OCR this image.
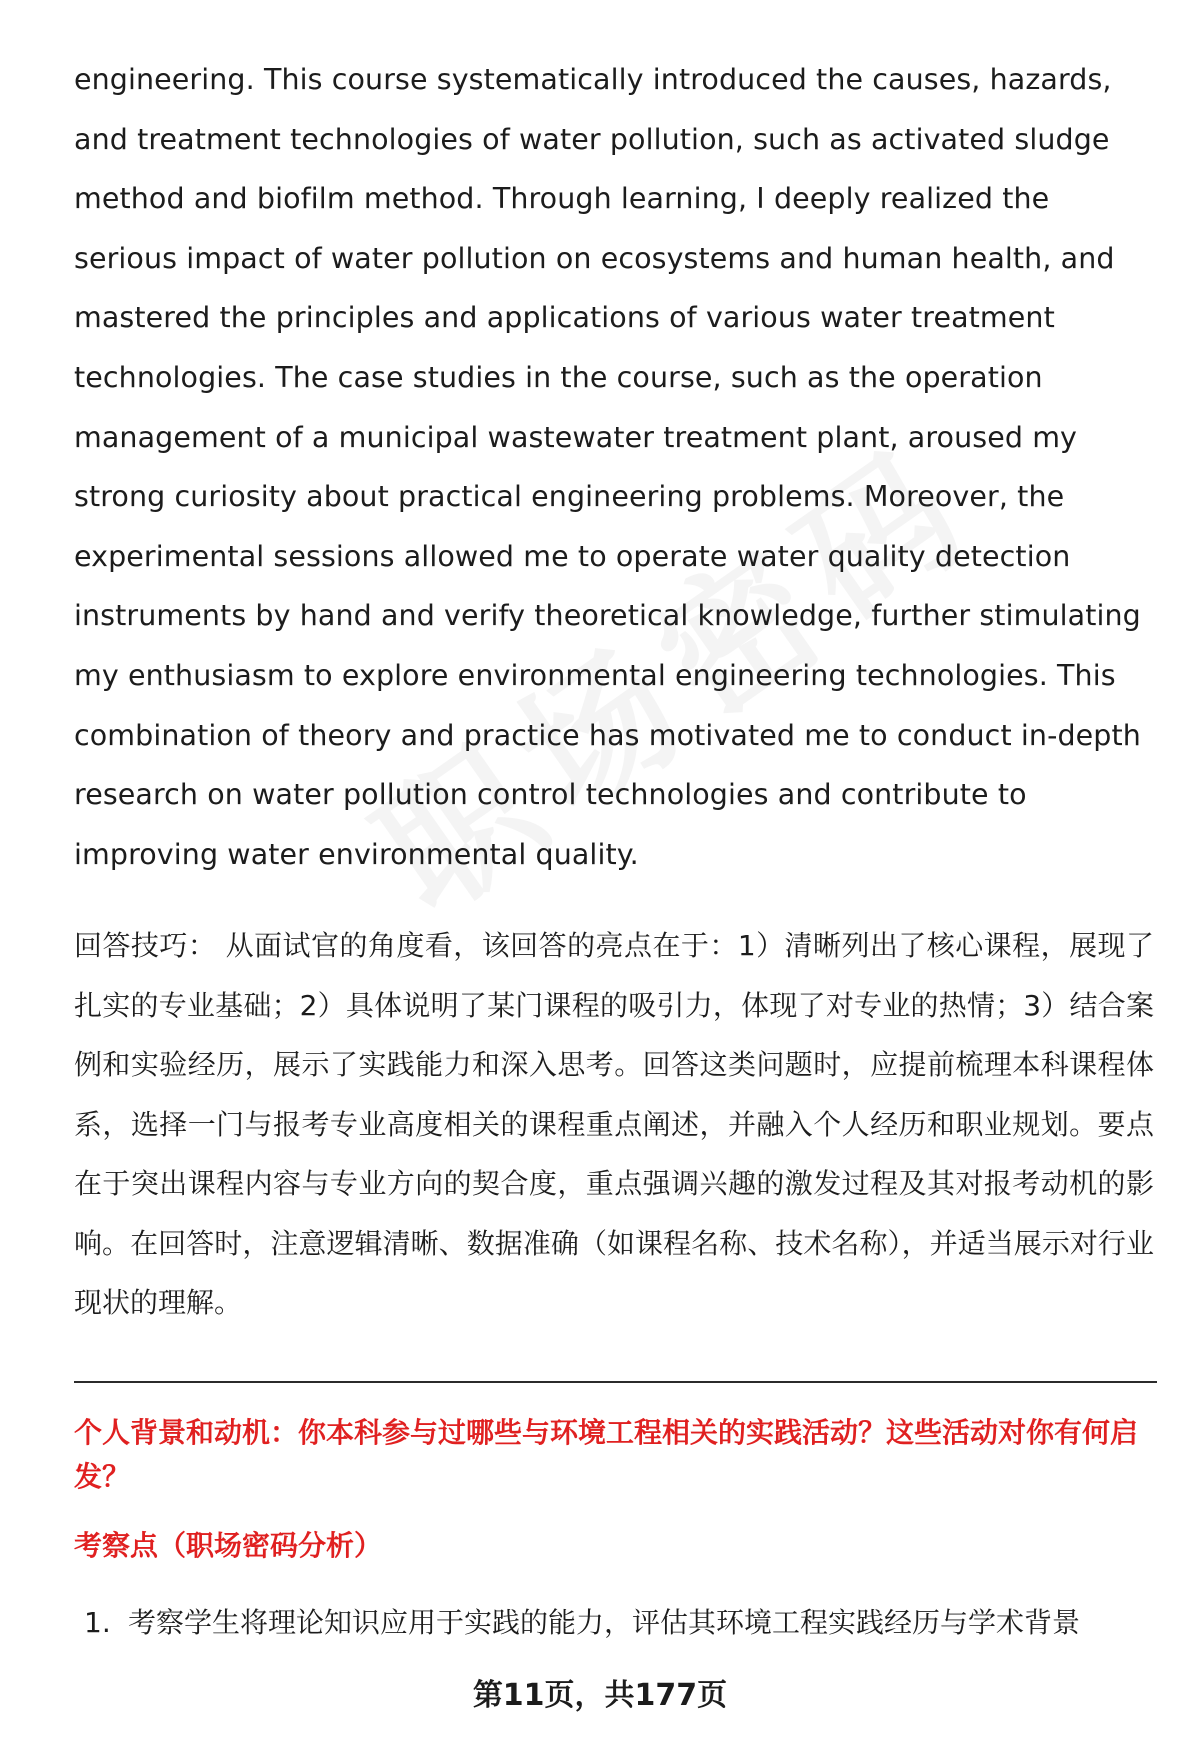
engineering. This course systematically introduced the causes, hazards, and treatment technologies of water pollution, such as activated sludge method and biofilm method. Through learning, I deeply realized the serious impact of water pollution on ecosystems and human health, and mastered the principles and applications of various water treatment technologies. The case studies in the course, such as the operation management of a municipal wastewater treatment plant, aroused my strong curiosity about practical engineering problems. Moreover, the experimental sessions allowed me to operate water quality detection instruments by hand and verify theoretical knowledge, further stimulating my enthusiasm to explore environmental engineering technologies. This combination of theory and practice has motivated me to conduct in-depth research on water pollution control technologies and contribute to improving water environmental quality.

回答技巧： 从面试官的角度看，该回答的亮点在于：1）清晰列出了核心课程，展现了扎实的专业基础；2）具体说明了某门课程的吸引力，体现了对专业的热情；3）结合案例和实验经历，展示了实践能力和深入思考。回答这类问题时，应提前梳理本科课程体系，选择一门与报考专业高度相关的课程重点阐述，并融入个人经历和职业规划。要点在于突出课程内容与专业方向的契合度，重点强调兴趣的激发过程及其对报考动机的影响。在回答时，注意逻辑清晰、数据准确（如课程名称、技术名称），并适当展示对行业现状的理解。

个人背景和动机：你本科参与过哪些与环境工程相关的实践活动？这些活动对你有何启发？

考察点（职场密码分析）

1. 考察学生将理论知识应用于实践的能力，评估其环境工程实践经历与学术背景

第11页，共177页
